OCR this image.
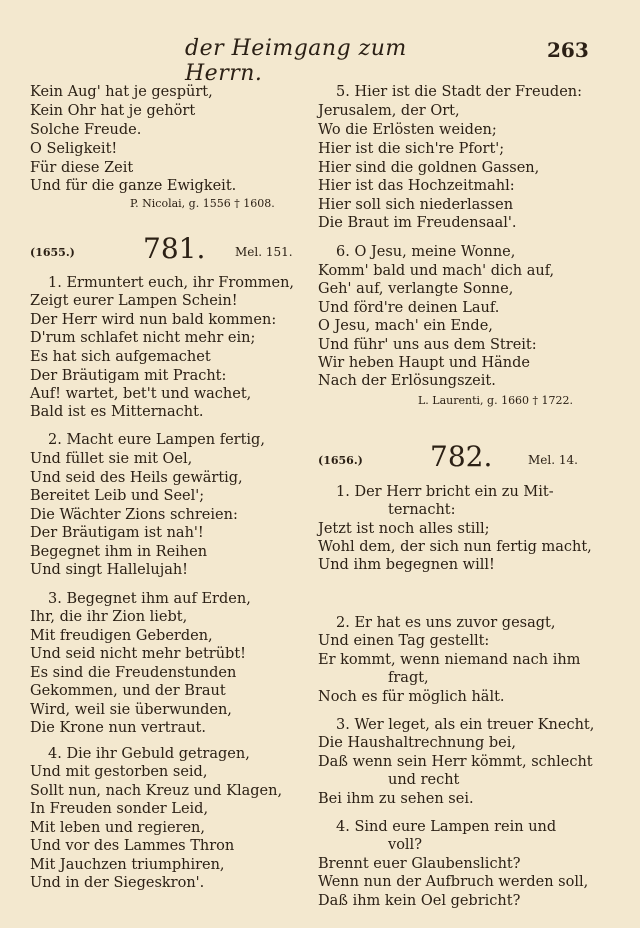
der Heimgang zum Herrn.
263
Kein Aug' hat je gespürt,
Kein Ohr hat je gehört
Solche Freude.
O Seligkeit!
Für diese Zeit
Und für die ganze Ewigkeit.
P. Nicolai, g. 1556 † 1608.
(1655.) 781. Mel. 151.
1. Ermuntert euch, ihr Frommen,
Zeigt eurer Lampen Schein!
Der Herr wird nun bald kommen:
D'rum schlafet nicht mehr ein;
Es hat sich aufgemachet
Der Bräutigam mit Pracht:
Auf! wartet, bet't und wachet,
Bald ist es Mitternacht.
2. Macht eure Lampen fertig,
Und füllet sie mit Oel,
Und seid des Heils gewärtig,
Bereitet Leib und Seel';
Die Wächter Zions schreien:
Der Bräutigam ist nah'!
Begegnet ihm in Reihen
Und singt Hallelujah!
3. Begegnet ihm auf Erden,
Ihr, die ihr Zion liebt,
Mit freudigen Geberden,
Und seid nicht mehr betrübt!
Es sind die Freudenstunden
Gekommen, und der Braut
Wird, weil sie überwunden,
Die Krone nun vertraut.
4. Die ihr Gebuld getragen,
Und mit gestorben seid,
Sollt nun, nach Kreuz und Klagen,
In Freuden sonder Leid,
Mit leben und regieren,
Und vor des Lammes Thron
Mit Jauchzen triumphiren,
Und in der Siegeskron'.
5. Hier ist die Stadt der Freuden:
Jerusalem, der Ort,
Wo die Erlösten weiden;
Hier ist die sich're Pfort';
Hier sind die goldnen Gassen,
Hier ist das Hochzeitmahl:
Hier soll sich niederlassen
Die Braut im Freudensaal'.
6. O Jesu, meine Wonne,
Komm' bald und mach' dich auf,
Geh' auf, verlangte Sonne,
Und förd're deinen Lauf.
O Jesu, mach' ein Ende,
Und führ' uns aus dem Streit:
Wir heben Haupt und Hände
Nach der Erlösungszeit.
L. Laurenti, g. 1660 † 1722.
(1656.) 782.	Mel. 14.
1. Der Herr bricht ein zu Mit-
ternacht:
Jetzt ist noch alles still;
Wohl dem, der sich nun fertig macht,
Und ihm begegnen will!
2. Er hat es uns zuvor gesagt,
Und einen Tag gestellt:
Er kommt, wenn niemand nach ihm
fragt,
Noch es für möglich hält.
3. Wer leget, als ein treuer Knecht,
Die Haushaltrechnung bei,
Daß wenn sein Herr kömmt, schlecht
und recht
Bei ihm zu sehen sei.
4. Sind eure Lampen rein und
voll?
Brennt euer Glaubenslicht?
Wenn nun der Aufbruch werden soll,
Daß ihm kein Oel gebricht?
